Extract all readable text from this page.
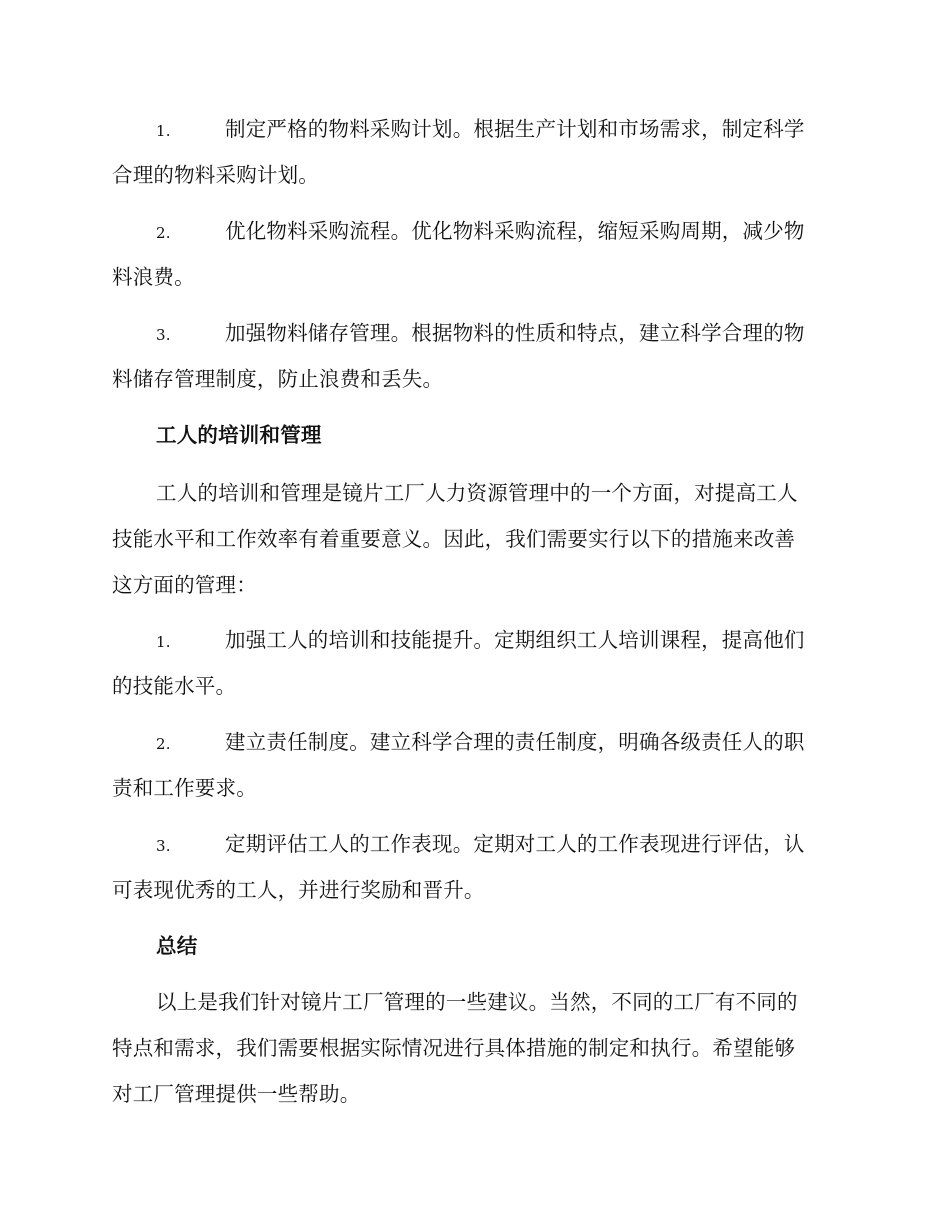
1.	制定严格的物料采购计划。根据生产计划和市场需求，制定科学
合理的物料采购计划。
2.	优化物料采购流程。优化物料采购流程，缩短采购周期，减少物
料浪费。
3.	加强物料储存管理。根据物料的性质和特点，建立科学合理的物
料储存管理制度，防止浪费和丢失。
工人的培训和管理
工人的培训和管理是镜片工厂人力资源管理中的一个方面，对提高工人
技能水平和工作效率有着重要意义。因此，我们需要实行以下的措施来改善
这方面的管理：
1.	加强工人的培训和技能提升。定期组织工人培训课程，提高他们
的技能水平。
2.	建立责任制度。建立科学合理的责任制度，明确各级责任人的职
责和工作要求。
3.	定期评估工人的工作表现。定期对工人的工作表现进行评估，认
可表现优秀的工人，并进行奖励和晋升。
总结
以上是我们针对镜片工厂管理的一些建议。当然，不同的工厂有不同的
特点和需求，我们需要根据实际情况进行具体措施的制定和执行。希望能够
对工厂管理提供一些帮助。
